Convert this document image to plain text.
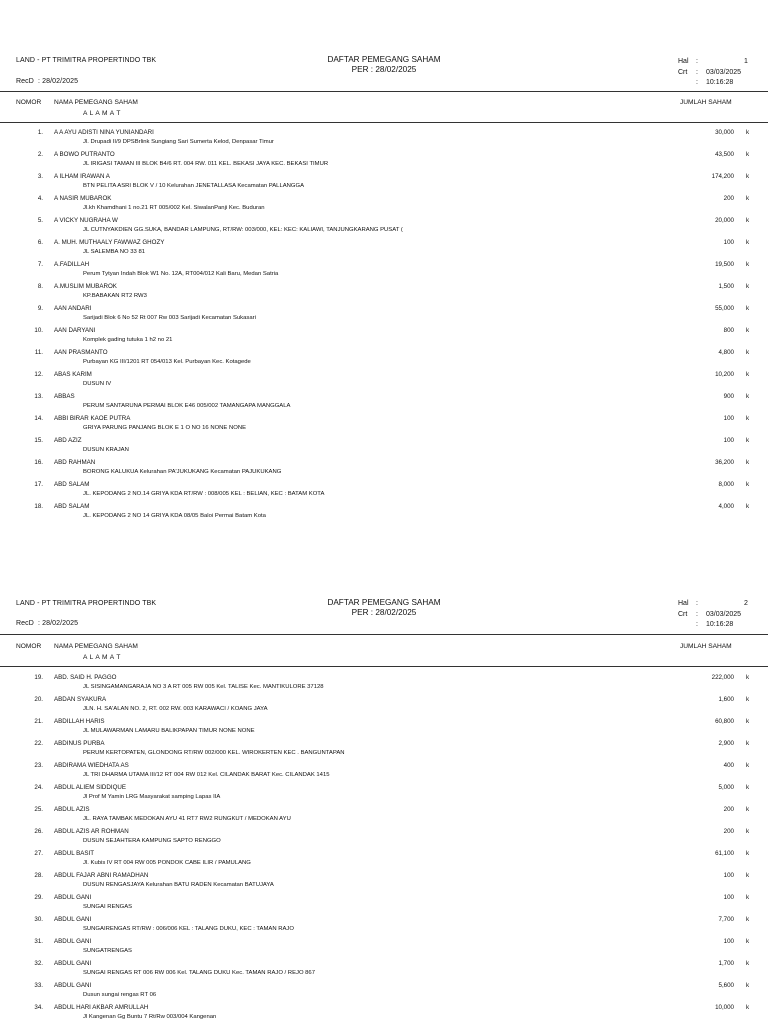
LAND - PT TRIMITRA PROPERTINDO TBK	DAFTAR PEMEGANG SAHAM
PER : 28/02/2025
Hal :	1
Crt : 03/03/2025
: 10:16:28
RecD : 28/02/2025
NOMOR NAMA PEMEGANG SAHAM
A L A M A T
JUMLAH SAHAM
1. A A AYU ADISTI NINA YUNIANDARI
Jl. Drupadi II/9 DPSBrlink Sungiang Sari Sumerta Kelod, Denpasar Timur
30,000 k
2. A BOWO PUTRANTO
JL IRIGASI TAMAN III BLOK B4/6 RT. 004 RW. 011 KEL. BEKASI JAYA KEC. BEKASI TIMUR
43,500 k
3. A ILHAM IRAWAN A
BTN PELITA ASRI BLOK V / 10 Kelurahan JENETALLASA Kecamatan PALLANGGA
174,200 k
4. A NASIR MUBAROK
Jl.kh Khamdhani 1 no.21 RT 005/002 Kel. SiwalanPanji Kec. Buduran
200 k
5. A VICKY NUGRAHA W
JL CUTNYAKDIEN GG.SUKA, BANDAR LAMPUNG, RT/RW: 003/000, KEL: KEC: KALIAWI, TANJUNGKARANG PUSAT (
20,000 k
6. A. MUH. MUTHAALY FAWWAZ GHOZY
JL SALEMBA NO 33 81
100 k
7. A.FADILLAH
Perum Tytyan Indah Blok W1 No. 12A, RT004/012 Kali Baru, Medan Satria
19,500 k
8. A.MUSLIM MUBAROK
KP.BABAKAN RT2 RW3
1,500 k
9. AAN ANDARI
Sarijadi Blok 6 No 52 Rt 007 Rw 003 Sarijadi Kecamatan Sukasari
55,000 k
10. AAN DARYANI
Komplek gading tutuka 1 h2 no 21
800 k
11. AAN PRASMANTO
Purbayan KG III/1201 RT 054/013 Kel. Purbayan Kec. Kotagede
4,800 k
12. ABAS KARIM
DUSUN IV
10,200 k
13. ABBAS
PERUM SANTARUNA PERMAI BLOK E46 005/002 TAMANGAPA MANGGALA
900 k
14. ABBI BIRAR KAOE PUTRA
GRIYA PARUNG PANJANG BLOK E 1 O NO 16 NONE NONE
100 k
15. ABD AZIZ
DUSUN KRAJAN
100 k
16. ABD RAHMAN
BORONG KALUKUA Kelurahan PA'JUKUKANG Kecamatan PAJUKUKANG
36,200 k
17. ABD SALAM
JL. KEPODANG 2 NO.14 GRIYA KDA RT/RW : 008/005 KEL : BELIAN, KEC : BATAM KOTA
8,000 k
18. ABD SALAM
JL. KEPODANG 2 NO 14 GRIYA KDA 08/05 Baloi Permai Batam Kota
4,000 k
LAND - PT TRIMITRA PROPERTINDO TBK	DAFTAR PEMEGANG SAHAM
PER : 28/02/2025
Hal :	2
Crt : 03/03/2025
: 10:16:28
RecD : 28/02/2025
NOMOR NAMA PEMEGANG SAHAM
A L A M A T
JUMLAH SAHAM
19. ABD. SAID H. PAGGO
JL SISINGAMANGARAJA NO 3 A RT 005 RW 005 Kel. TALISE Kec. MANTIKULORE 37128
222,000 k
20. ABDAN SYAKURA
JLN. H. SA'ALAN NO. 2, RT. 002 RW. 003 KARAWACI / KOANG JAYA
1,600 k
21. ABDILLAH HARIS
JL MULAWARMAN LAMARU BALIKPAPAN TIMUR NONE NONE
60,800 k
22. ABDINUS PURBA
PERUM KERTOPATEN, GLONDONG RT/RW 002/000 KEL. WIROKERTEN KEC . BANGUNTAPAN
2,900 k
23. ABDIRAMA WIEDHATA AS
JL TRI DHARMA UTAMA III/12 RT 004 RW 012 Kel. CILANDAK BARAT Kec. CILANDAK 1415
400 k
24. ABDUL ALIEM SIDDIQUE
Jl Prof M Yamin LRG Masyarakat samping Lapas IIA
5,000 k
25. ABDUL AZIS
JL. RAYA TAMBAK MEDOKAN AYU 41 RT7 RW2 RUNGKUT / MEDOKAN AYU
200 k
26. ABDUL AZIS AR ROHMAN
DUSUN SEJAHTERA KAMPUNG SAPTO RENGGO
200 k
27. ABDUL BASIT
Jl. Kubis IV RT 004 RW 005 PONDOK CABE ILIR / PAMULANG
61,100 k
28. ABDUL FAJAR ABNI RAMADHAN
DUSUN RENGASJAYA Kelurahan BATU RADEN Kecamatan BATUJAYA
100 k
29. ABDUL GANI
SUNGAI RENGAS
100 k
30. ABDUL GANI
SUNGAIRENGAS RT/RW : 006/006 KEL : TALANG DUKU, KEC : TAMAN RAJO
7,700 k
31. ABDUL GANI
SUNGATRENGAS
100 k
32. ABDUL GANI
SUNGAI RENGAS RT 006 RW 006 Kel. TALANG DUKU Kec. TAMAN RAJO / REJO 867
1,700 k
33. ABDUL GANI
Dusun sungai rengas RT 06
5,600 k
34. ABDUL HARI AKBAR AMRULLAH
Jl Kangenan Gg Buntu 7 Rt/Rw 003/004 Kangenan
10,000 k
